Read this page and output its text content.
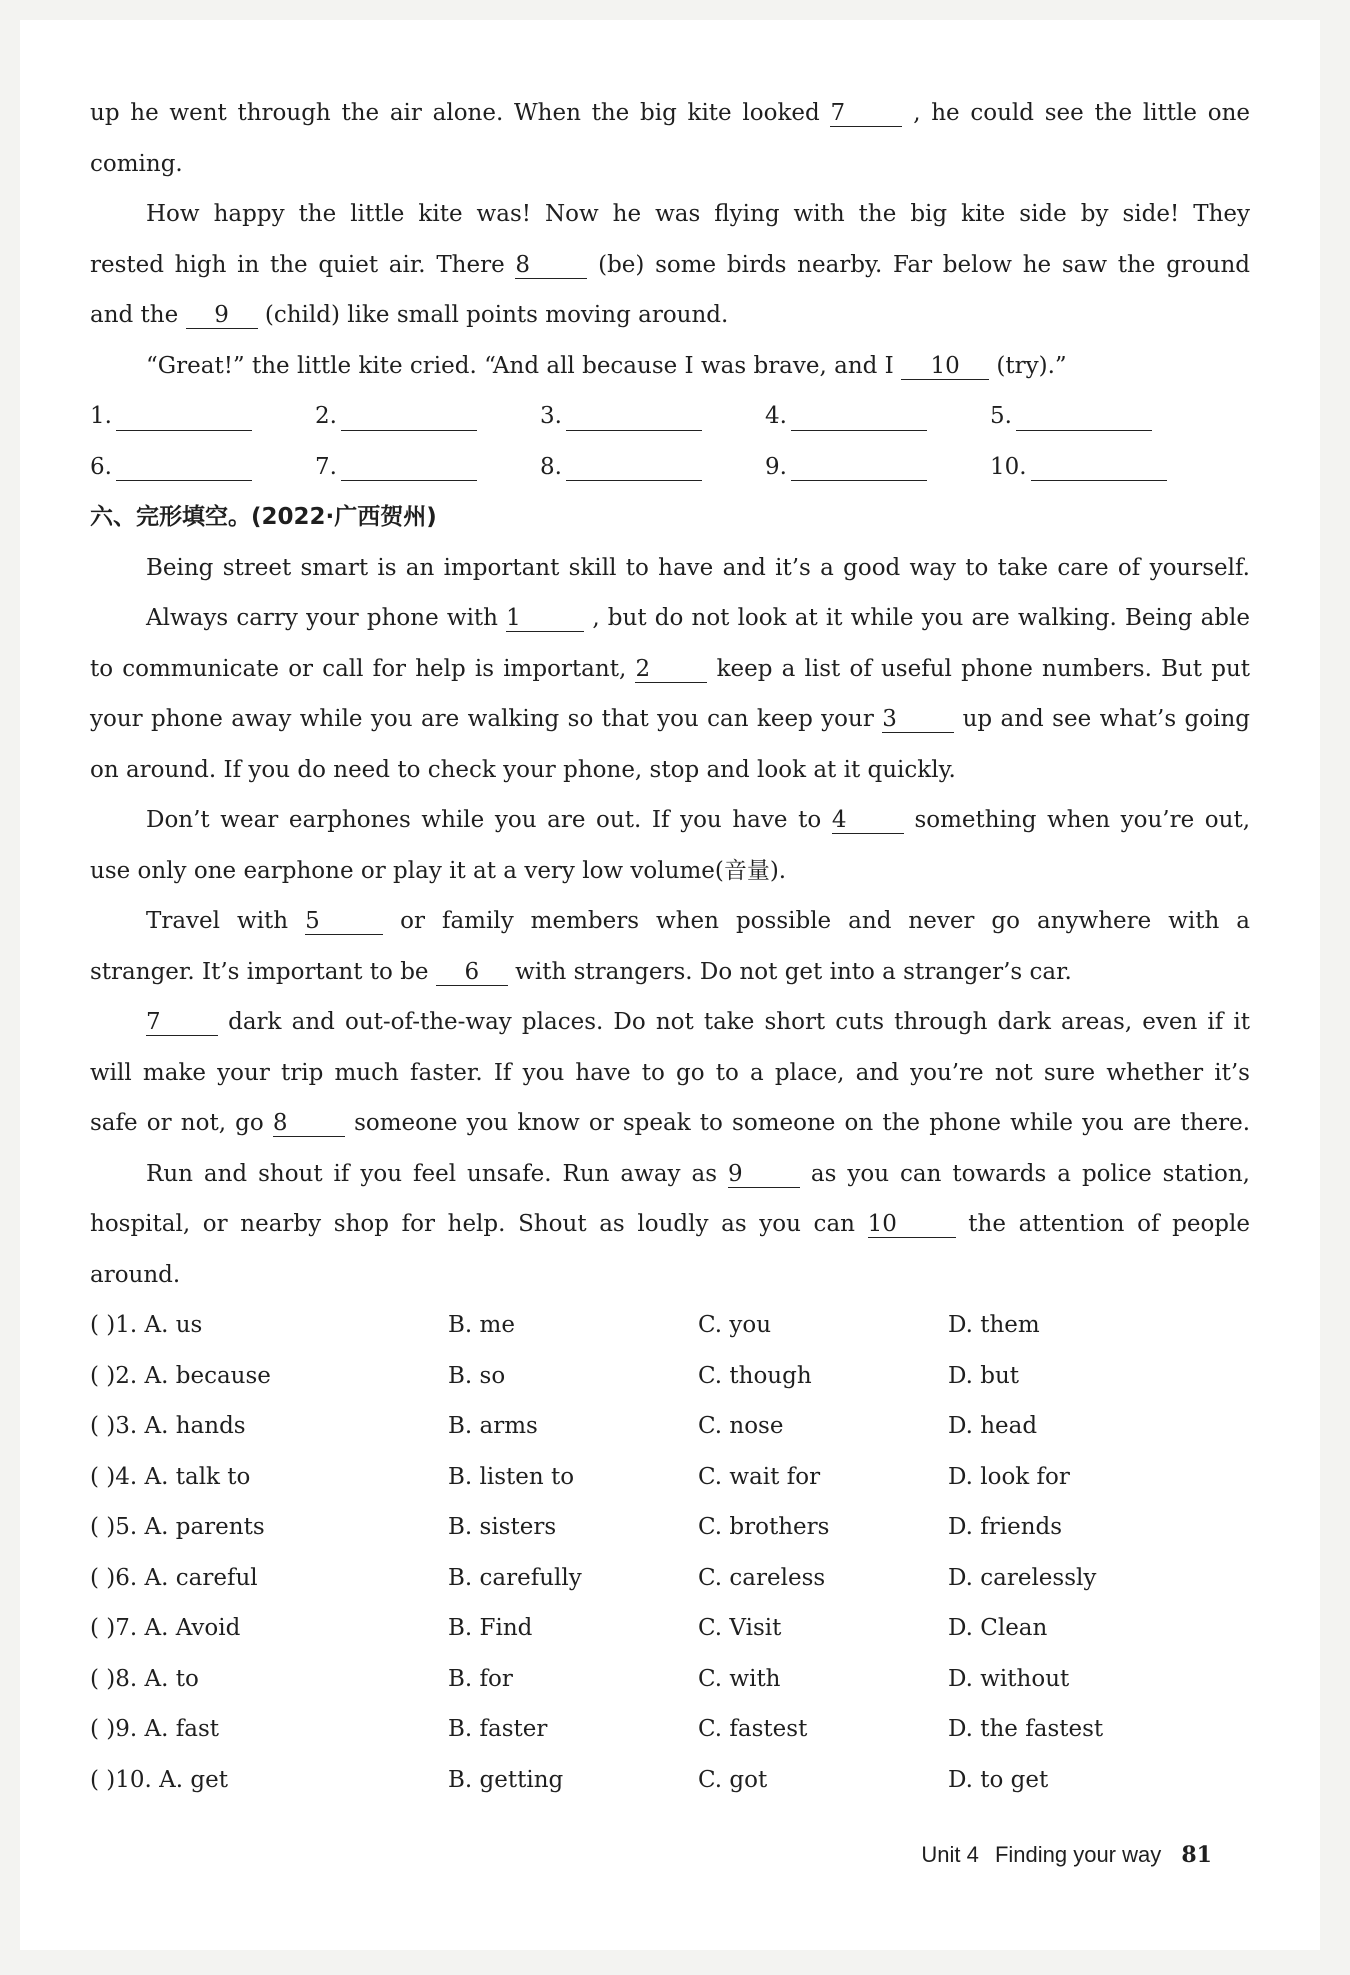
up he went through the air alone. When the big kite looked 7	, he could see the little one
coming.
How happy the little kite was! Now he was flying with the big kite side by side! They
rested high in the quiet air. There 8	(be) some birds nearby. Far below he saw the ground
and the 9 (child) like small points moving around.
“Great!” the little kite cried. “And all because I was brave, and I 10 (try).”
1.	2.	3.	4.	5.
6.	7.	8.	9.	10.
六、完形填空。(2022·广西贺州)
Being street smart is an important skill to have and it’s a good way to take care of yourself.
Always carry your phone with 1	, but do not look at it while you are walking. Being able
to communicate or call for help is important, 2	keep a list of useful phone numbers. But put
your phone away while you are walking so that you can keep your 3	up and see what’s going
on around. If you do need to check your phone, stop and look at it quickly.
Don’t wear earphones while you are out. If you have to 4	something when you’re out,
use only one earphone or play it at a very low volume(音量).
Travel with 5	or family members when possible and never go anywhere with a
stranger. It’s important to be 6 with strangers. Do not get into a stranger’s car.
7	dark and out-of-the-way places. Do not take short cuts through dark areas, even if it
will make your trip much faster. If you have to go to a place, and you’re not sure whether it’s
safe or not, go 8	someone you know or speak to someone on the phone while you are there.
Run and shout if you feel unsafe. Run away as 9	as you can towards a police station,
hospital, or nearby shop for help. Shout as loudly as you can 10	the attention of people
around.
( )1. A. us	B. me	C. you	D. them
( )2. A. because	B. so	C. though	D. but
( )3. A. hands	B. arms	C. nose	D. head
( )4. A. talk to	B. listen to	C. wait for	D. look for
( )5. A. parents	B. sisters	C. brothers	D. friends
( )6. A. careful	B. carefully	C. careless	D. carelessly
( )7. A. Avoid	B. Find	C. Visit	D. Clean
( )8. A. to	B. for	C. with	D. without
( )9. A. fast	B. faster	C. fastest	D. the fastest
( )10. A. get	B. getting	C. got	D. to get
Unit 4 Finding your way 81
